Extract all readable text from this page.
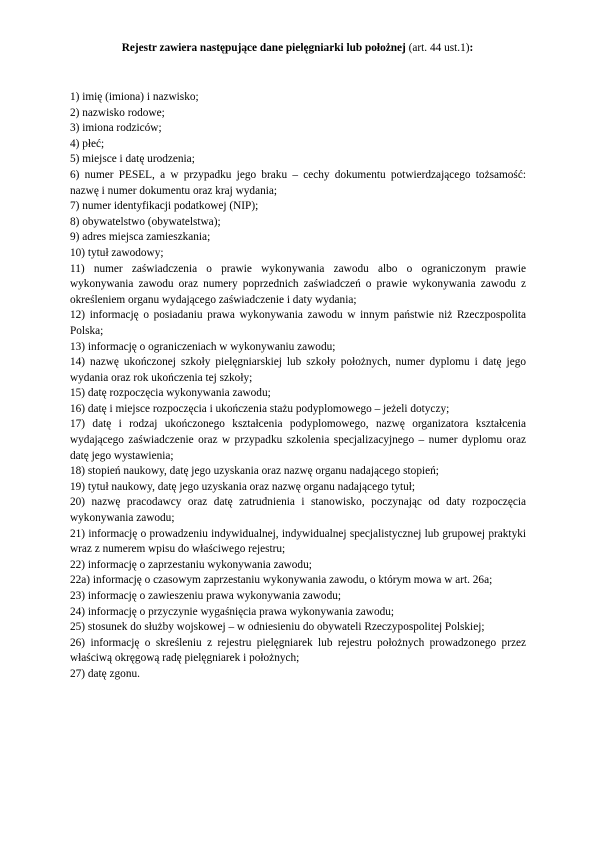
Rejestr zawiera następujące dane pielęgniarki lub położnej (art. 44 ust.1):
1) imię (imiona) i nazwisko;
2) nazwisko rodowe;
3) imiona rodziców;
4) płeć;
5) miejsce i datę urodzenia;
6) numer PESEL, a w przypadku jego braku – cechy dokumentu potwierdzającego tożsamość: nazwę i numer dokumentu oraz kraj wydania;
7) numer identyfikacji podatkowej (NIP);
8) obywatelstwo (obywatelstwa);
9) adres miejsca zamieszkania;
10) tytuł zawodowy;
11) numer zaświadczenia o prawie wykonywania zawodu albo o ograniczonym prawie wykonywania zawodu oraz numery poprzednich zaświadczeń o prawie wykonywania zawodu z określeniem organu wydającego zaświadczenie i daty wydania;
12) informację o posiadaniu prawa wykonywania zawodu w innym państwie niż Rzeczpospolita Polska;
13) informację o ograniczeniach w wykonywaniu zawodu;
14) nazwę ukończonej szkoły pielęgniarskiej lub szkoły położnych, numer dyplomu i datę jego wydania oraz rok ukończenia tej szkoły;
15) datę rozpoczęcia wykonywania zawodu;
16) datę i miejsce rozpoczęcia i ukończenia stażu podyplomowego – jeżeli dotyczy;
17) datę i rodzaj ukończonego kształcenia podyplomowego, nazwę organizatora kształcenia wydającego zaświadczenie oraz w przypadku szkolenia specjalizacyjnego – numer dyplomu oraz datę jego wystawienia;
18) stopień naukowy, datę jego uzyskania oraz nazwę organu nadającego stopień;
19) tytuł naukowy, datę jego uzyskania oraz nazwę organu nadającego tytuł;
20) nazwę pracodawcy oraz datę zatrudnienia i stanowisko, poczynając od daty rozpoczęcia wykonywania zawodu;
21) informację o prowadzeniu indywidualnej, indywidualnej specjalistycznej lub grupowej praktyki wraz z numerem wpisu do właściwego rejestru;
22) informację o zaprzestaniu wykonywania zawodu;
22a) informację o czasowym zaprzestaniu wykonywania zawodu, o którym mowa w art. 26a;
23) informację o zawieszeniu prawa wykonywania zawodu;
24) informację o przyczynie wygaśnięcia prawa wykonywania zawodu;
25) stosunek do służby wojskowej – w odniesieniu do obywateli Rzeczypospolitej Polskiej;
26) informację o skreśleniu z rejestru pielęgniarek lub rejestru położnych prowadzonego przez właściwą okręgową radę pielęgniarek i położnych;
27) datę zgonu.
